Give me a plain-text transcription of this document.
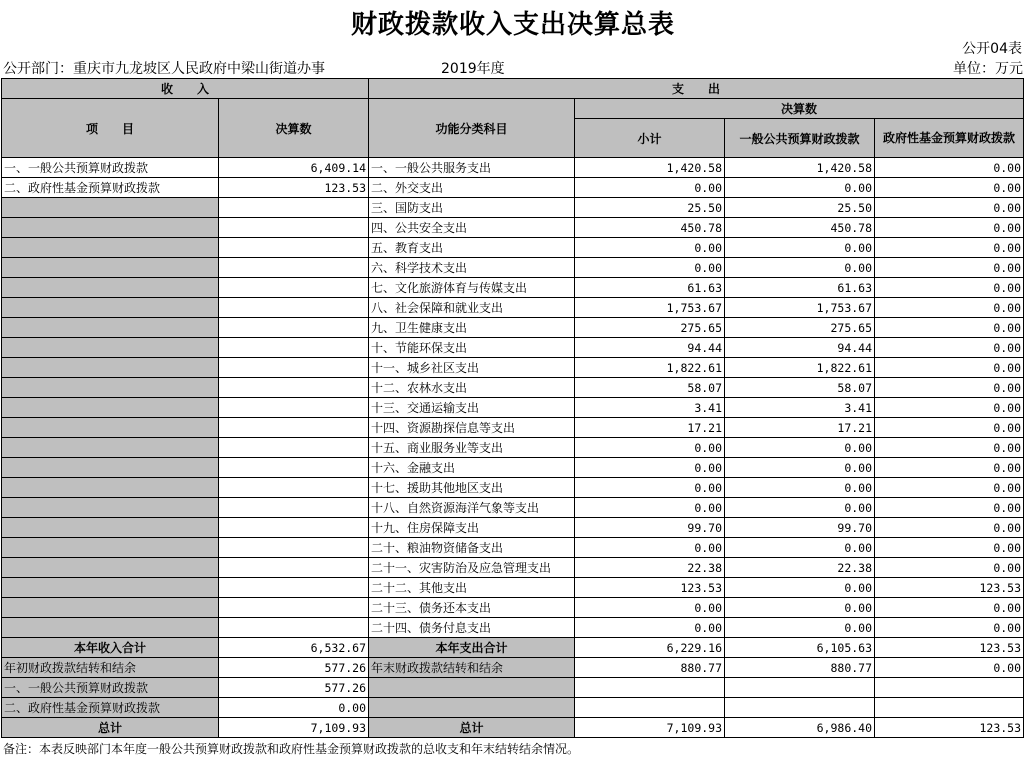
财政拨款收入支出决算总表
公开04表
公开部门：重庆市九龙坡区人民政府中梁山街道办事	2019年度	单位：万元
收　　入		支　　出			
项　　目	决算数	功能分类科目	决算数		
			小计	一般公共预算财政拨款	政府性基金预算财政拨款

一、一般公共预算财政拨款	6,409.14	一、一般公共服务支出	1,420.58	1,420.58	0.00
二、政府性基金预算财政拨款	123.53	二、外交支出	0.00	0.00	0.00
		三、国防支出	25.50	25.50	0.00
		四、公共安全支出	450.78	450.78	0.00
		五、教育支出	0.00	0.00	0.00
		六、科学技术支出	0.00	0.00	0.00
		七、文化旅游体育与传媒支出	61.63	61.63	0.00
		八、社会保障和就业支出	1,753.67	1,753.67	0.00
		九、卫生健康支出	275.65	275.65	0.00
		十、节能环保支出	94.44	94.44	0.00
		十一、城乡社区支出	1,822.61	1,822.61	0.00
		十二、农林水支出	58.07	58.07	0.00
		十三、交通运输支出	3.41	3.41	0.00
		十四、资源勘探信息等支出	17.21	17.21	0.00
		十五、商业服务业等支出	0.00	0.00	0.00
		十六、金融支出	0.00	0.00	0.00
		十七、援助其他地区支出	0.00	0.00	0.00
		十八、自然资源海洋气象等支出	0.00	0.00	0.00
		十九、住房保障支出	99.70	99.70	0.00
		二十、粮油物资储备支出	0.00	0.00	0.00
		二十一、灾害防治及应急管理支出	22.38	22.38	0.00
		二十二、其他支出	123.53	0.00	123.53
		二十三、债务还本支出	0.00	0.00	0.00
		二十四、债务付息支出	0.00	0.00	0.00
本年收入合计	6,532.67	本年支出合计	6,229.16	6,105.63	123.53
年初财政拨款结转和结余	577.26	年末财政拨款结转和结余	880.77	880.77	0.00
一、一般公共预算财政拨款	577.26				
二、政府性基金预算财政拨款	0.00				
总计	7,109.93	总计	7,109.93	6,986.40	123.53
备注：本表反映部门本年度一般公共预算财政拨款和政府性基金预算财政拨款的总收支和年末结转结余情况。
